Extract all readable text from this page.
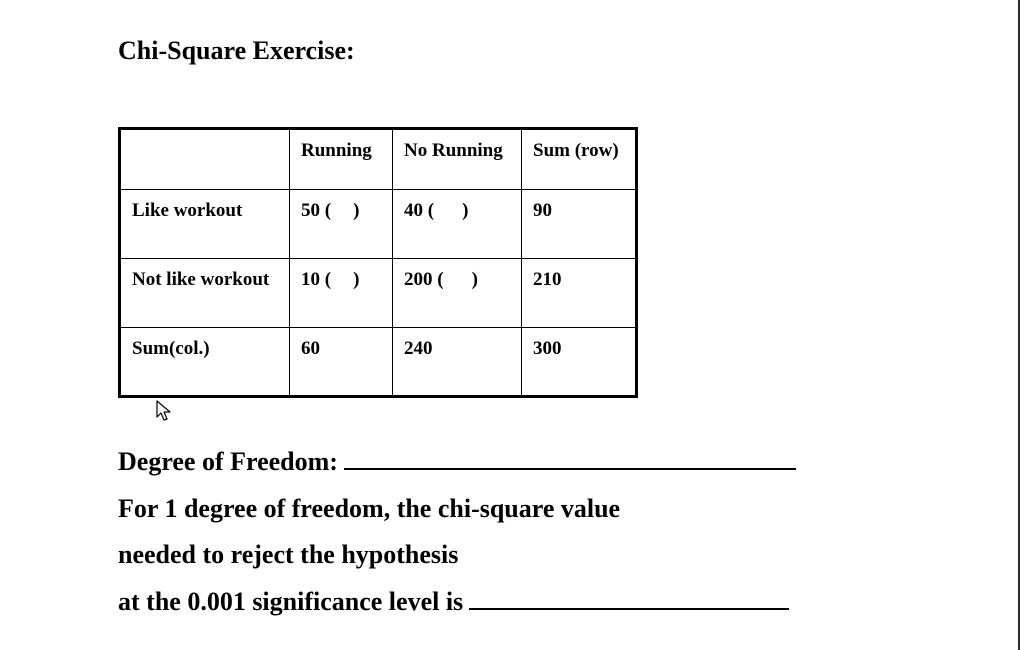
Chi-Square Exercise:

	Running	No Running	Sum (row)

Like workout	50 ( )	40 ( )	90

Not like workout	10 ( )	200 ( )	210

Sum(col.)	60	240	300

Degree of Freedom:

For 1 degree of freedom, the chi-square value

needed to reject the hypothesis

at the 0.001 significance level is
